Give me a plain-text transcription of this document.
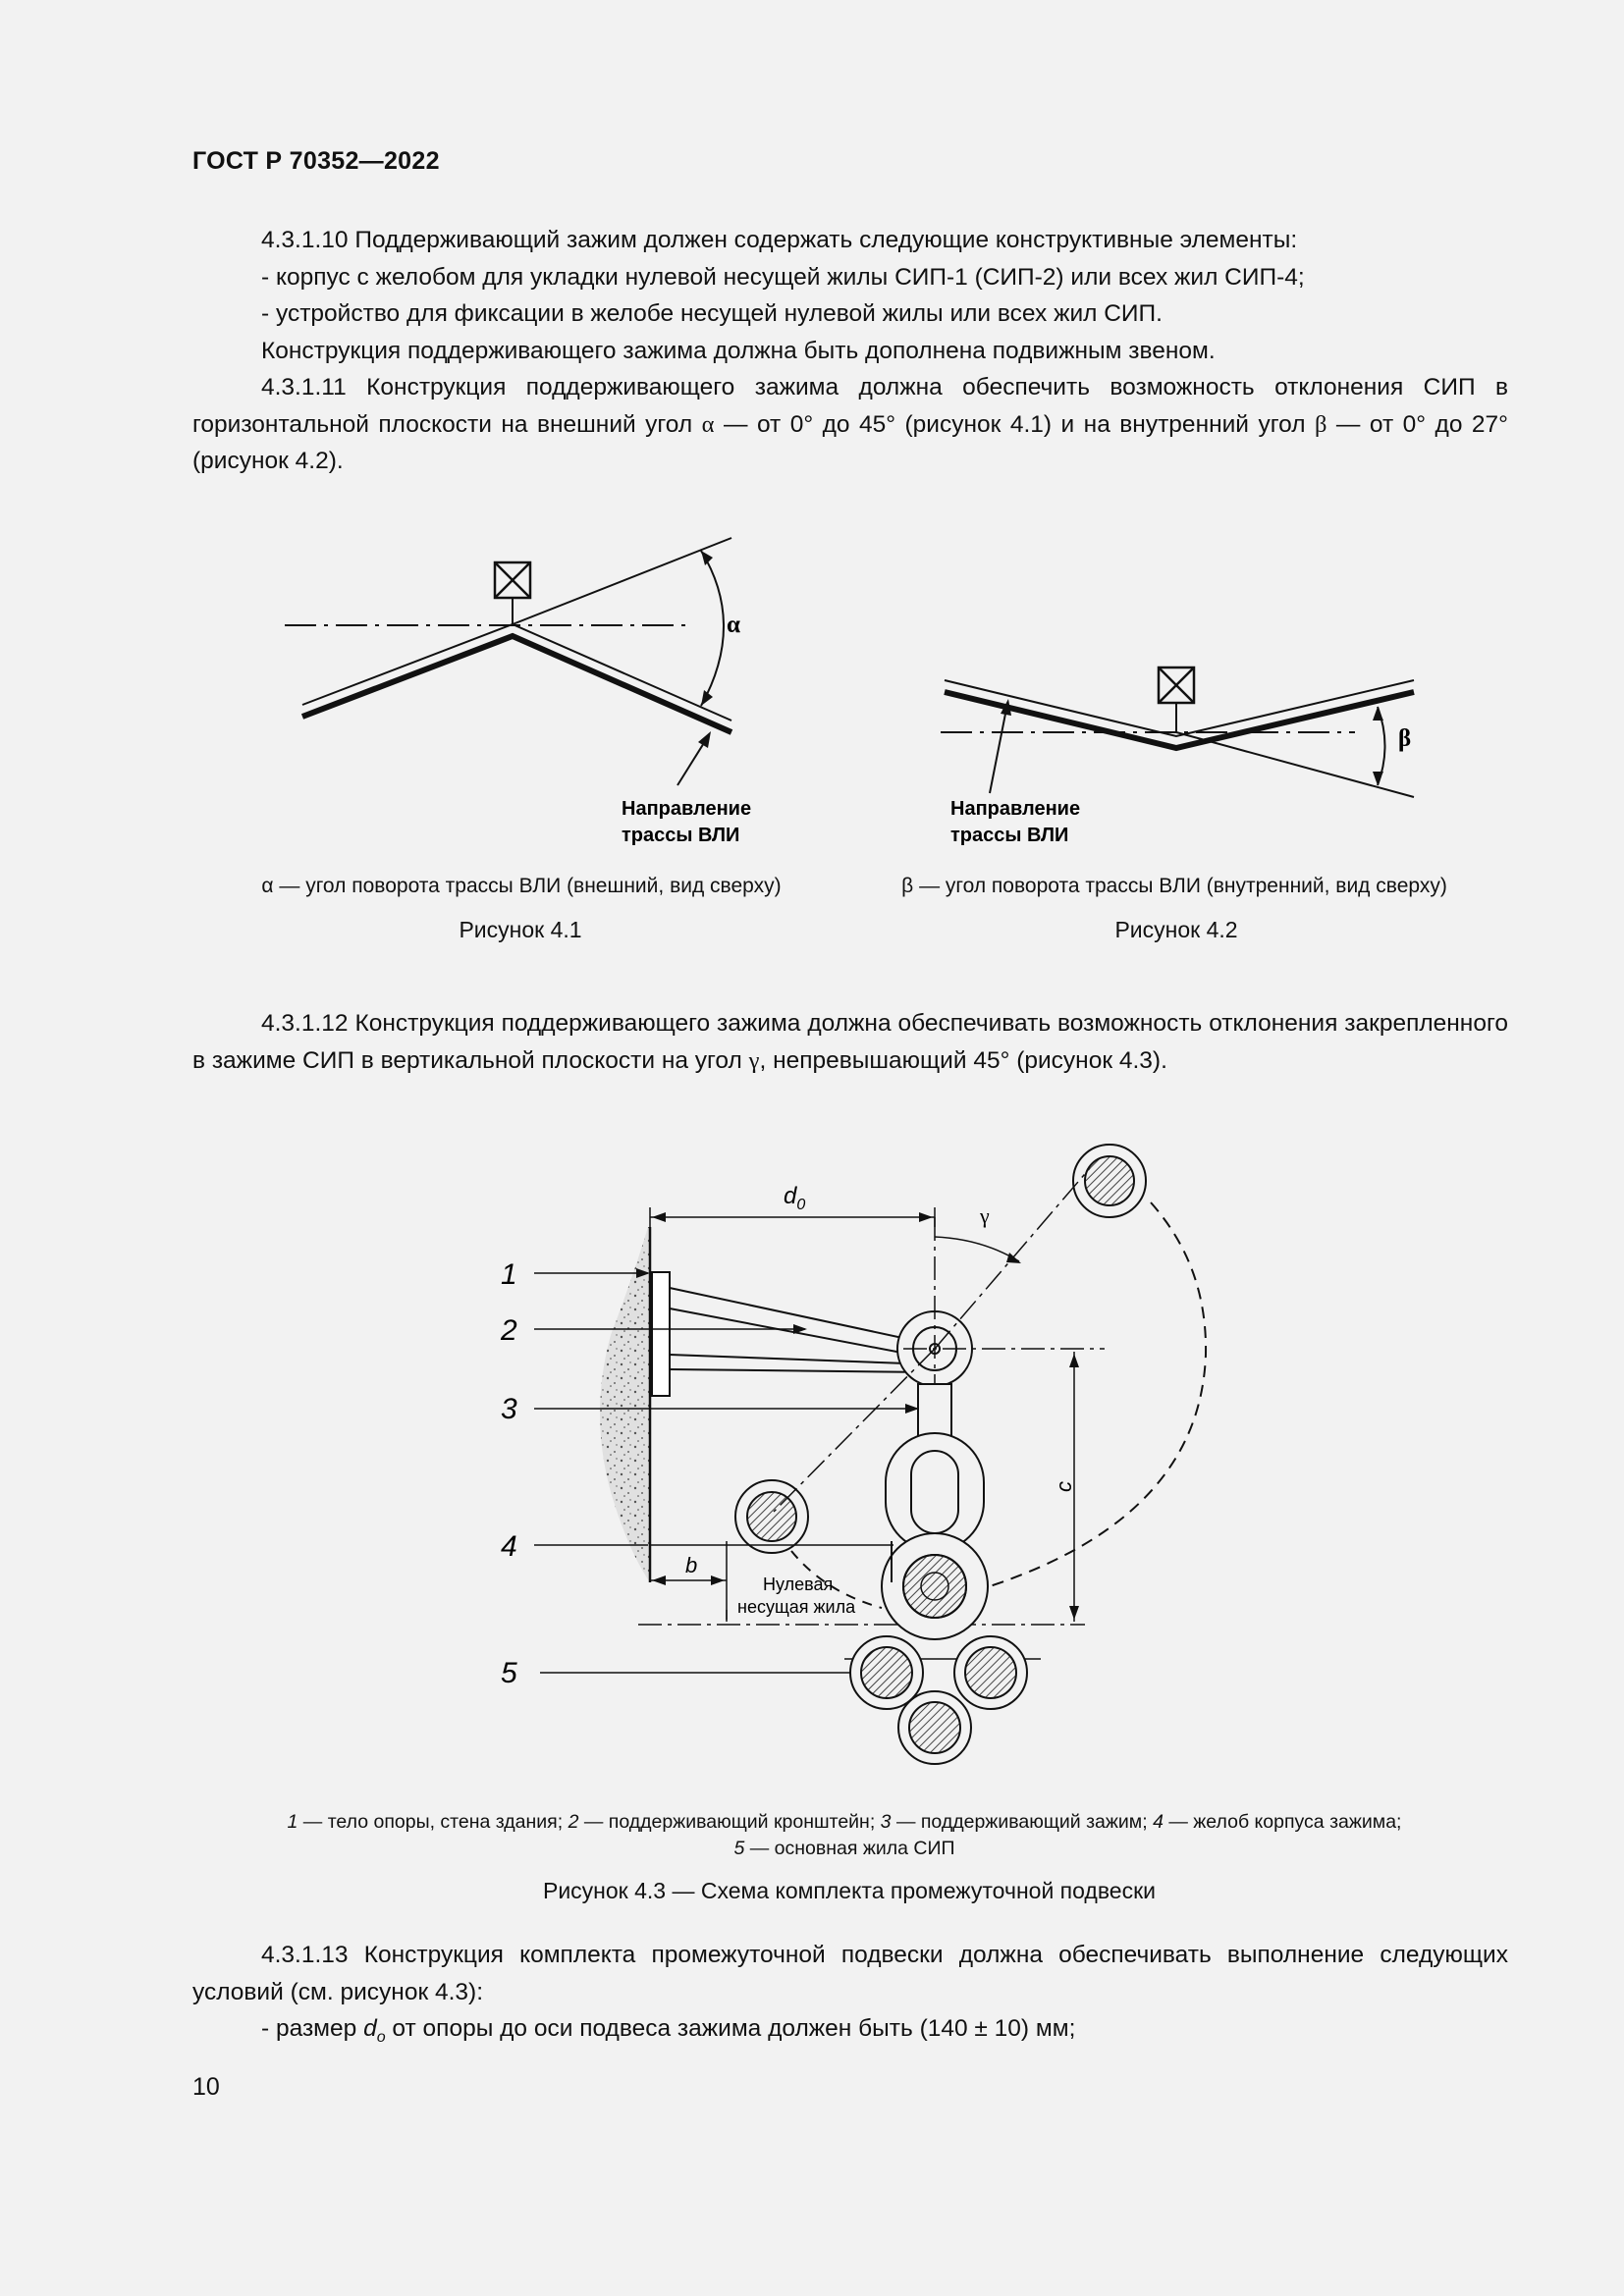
ГОСТ Р 70352—2022

4.3.1.10 Поддерживающий зажим должен содержать следующие конструктивные элементы:

- корпус с желобом для укладки нулевой несущей жилы СИП-1 (СИП-2) или всех жил СИП-4;

- устройство для фиксации в желобе несущей нулевой жилы или всех жил СИП.

Конструкция поддерживающего зажима должна быть дополнена подвижным звеном.

4.3.1.11 Конструкция поддерживающего зажима должна обеспечить возможность отклонения СИП в горизонтальной плоскости на внешний угол α — от 0° до 45° (рисунок 4.1) и на внутренний угол β — от 0° до 27° (рисунок 4.2).

α
Направление
трассы ВЛИ
β
Направление
трассы ВЛИ
α — угол поворота трассы ВЛИ (внешний, вид сверху)	β — угол поворота трассы ВЛИ (внутренний, вид сверху)
Рисунок 4.1	Рисунок 4.2

4.3.1.12 Конструкция поддерживающего зажима должна обеспечивать возможность отклонения закрепленного в зажиме СИП в вертикальной плоскости на угол γ, непревышающий 45° (рисунок 4.3).

$d_0$	γ
c
b
1
2
3
4
5
Нулевая
несущая жила
1 — тело опоры, стена здания; 2 — поддерживающий кронштейн; 3 — поддерживающий зажим; 4 — желоб корпуса зажима;
5 — основная жила СИП
Рисунок 4.3 — Схема комплекта промежуточной подвески

4.3.1.13 Конструкция комплекта промежуточной подвески должна обеспечивать выполнение следующих условий (см. рисунок 4.3):

- размер $d_o$ от опоры до оси подвеса зажима должен быть (140 ± 10) мм;

10
